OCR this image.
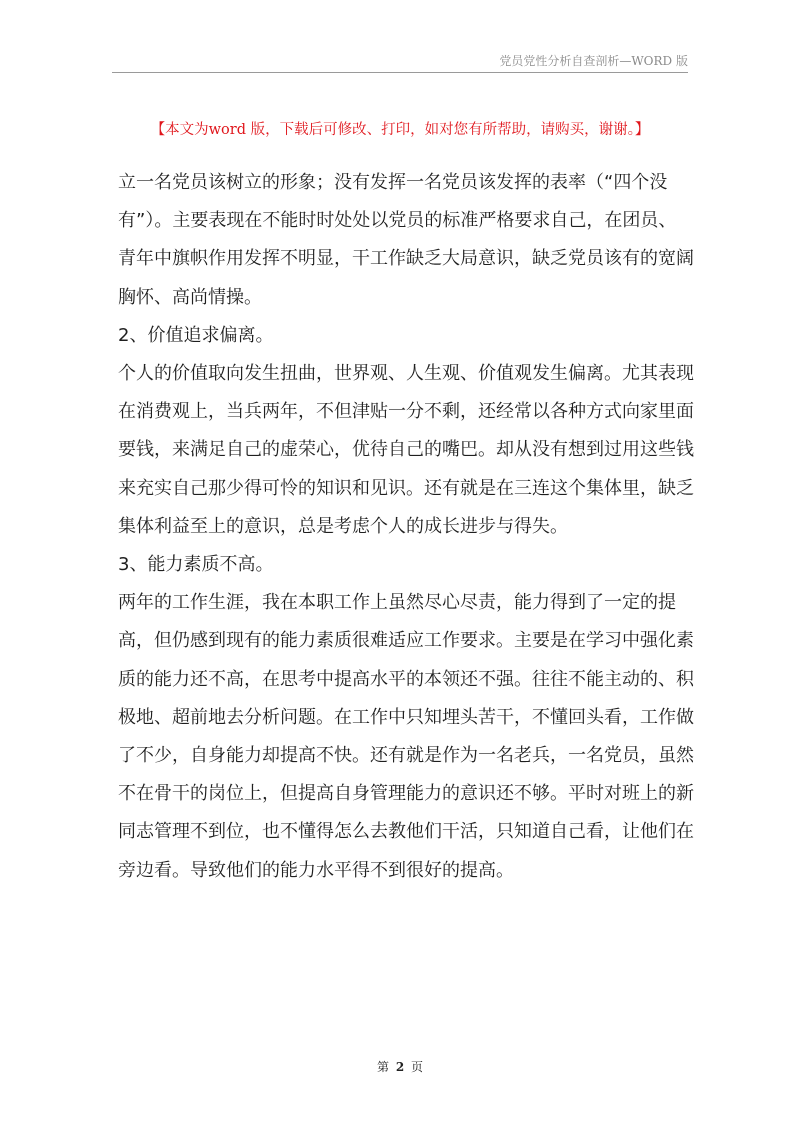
党员党性分析自查剖析—WORD 版
【本文为word 版，下载后可修改、打印，如对您有所帮助，请购买，谢谢。】

立一名党员该树立的形象；没有发挥一名党员该发挥的表率（“四个没有”）。主要表现在不能时时处处以党员的标准严格要求自己，在团员、青年中旗帜作用发挥不明显，干工作缺乏大局意识，缺乏党员该有的宽阔胸怀、高尚情操。

2、价值追求偏离。

个人的价值取向发生扭曲，世界观、人生观、价值观发生偏离。尤其表现在消费观上，当兵两年，不但津贴一分不剩，还经常以各种方式向家里面要钱，来满足自己的虚荣心，优待自己的嘴巴。却从没有想到过用这些钱来充实自己那少得可怜的知识和见识。还有就是在三连这个集体里，缺乏集体利益至上的意识，总是考虑个人的成长进步与得失。

3、能力素质不高。

两年的工作生涯，我在本职工作上虽然尽心尽责，能力得到了一定的提高，但仍感到现有的能力素质很难适应工作要求。主要是在学习中强化素质的能力还不高，在思考中提高水平的本领还不强。往往不能主动的、积极地、超前地去分析问题。在工作中只知埋头苦干，不懂回头看，工作做了不少，自身能力却提高不快。还有就是作为一名老兵，一名党员，虽然不在骨干的岗位上，但提高自身管理能力的意识还不够。平时对班上的新同志管理不到位，也不懂得怎么去教他们干活，只知道自己看，让他们在旁边看。导致他们的能力水平得不到很好的提高。

第 2 页
